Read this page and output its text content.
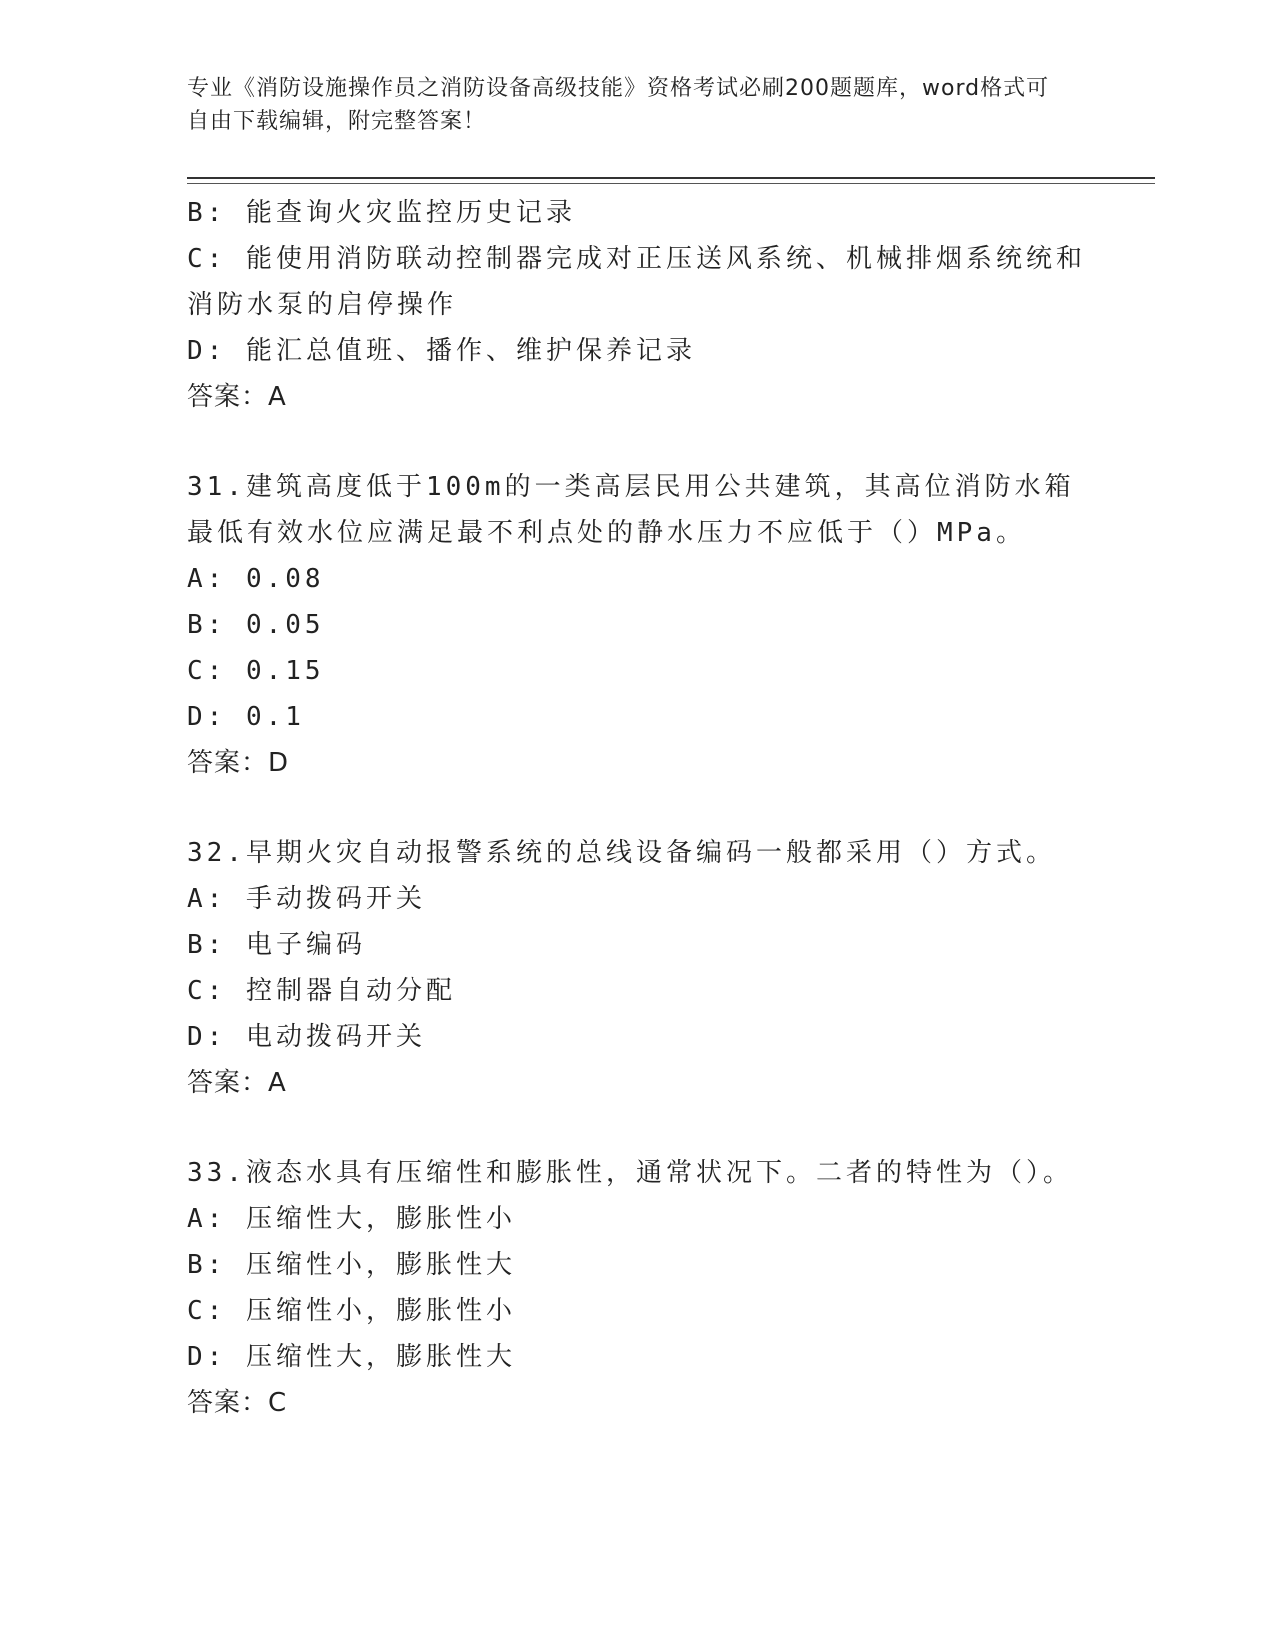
专业《消防设施操作员之消防设备高级技能》资格考试必刷200题题库，word格式可自由下载编辑，附完整答案！
B: 能查询火灾监控历史记录
C: 能使用消防联动控制器完成对正压送风系统、机械排烟系统统和消防水泵的启停操作
D: 能汇总值班、播作、维护保养记录
答案：A
31.建筑高度低于100m的一类高层民用公共建筑，其高位消防水箱最低有效水位应满足最不利点处的静水压力不应低于（）MPa。
A: 0.08
B: 0.05
C: 0.15
D: 0.1
答案：D
32.早期火灾自动报警系统的总线设备编码一般都采用（）方式。
A: 手动拨码开关
B: 电子编码
C: 控制器自动分配
D: 电动拨码开关
答案：A
33.液态水具有压缩性和膨胀性，通常状况下。二者的特性为（）。
A: 压缩性大，膨胀性小
B: 压缩性小，膨胀性大
C: 压缩性小，膨胀性小
D: 压缩性大，膨胀性大
答案：C
